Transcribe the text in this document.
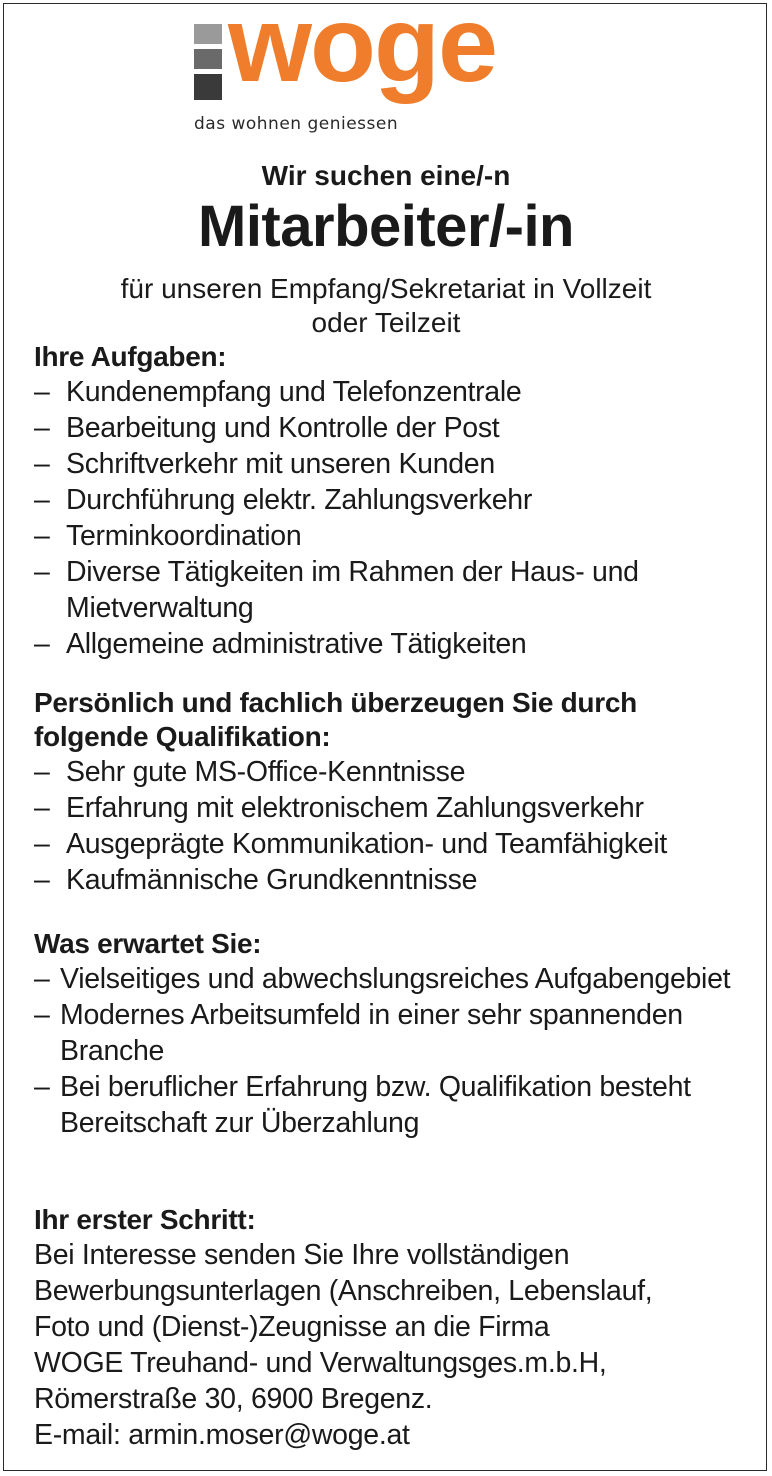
woge
das wohnen geniessen
Wir suchen eine/-n
Mitarbeiter/-in
für unseren Empfang/Sekretariat in Vollzeit
oder Teilzeit
Ihre Aufgaben:
– Kundenempfang und Telefonzentrale
– Bearbeitung und Kontrolle der Post
– Schriftverkehr mit unseren Kunden
– Durchführung elektr. Zahlungsverkehr
– Terminkoordination
– Diverse Tätigkeiten im Rahmen der Haus- und Mietverwaltung
– Allgemeine administrative Tätigkeiten
Persönlich und fachlich überzeugen Sie durch folgende Qualifikation:
– Sehr gute MS-Office-Kenntnisse
– Erfahrung mit elektronischem Zahlungsverkehr
– Ausgeprägte Kommunikation- und Teamfähigkeit
– Kaufmännische Grundkenntnisse
Was erwartet Sie:
– Vielseitiges und abwechslungsreiches Aufgabengebiet
– Modernes Arbeitsumfeld in einer sehr spannenden Branche
– Bei beruflicher Erfahrung bzw. Qualifikation besteht Bereitschaft zur Überzahlung
Ihr erster Schritt:

Bei Interesse senden Sie Ihre vollständigen

Bewerbungsunterlagen (Anschreiben, Lebenslauf,

Foto und (Dienst-)Zeugnisse an die Firma

WOGE Treuhand- und Verwaltungsges.m.b.H,

Römerstraße 30, 6900 Bregenz.

E-mail: armin.moser@woge.at
